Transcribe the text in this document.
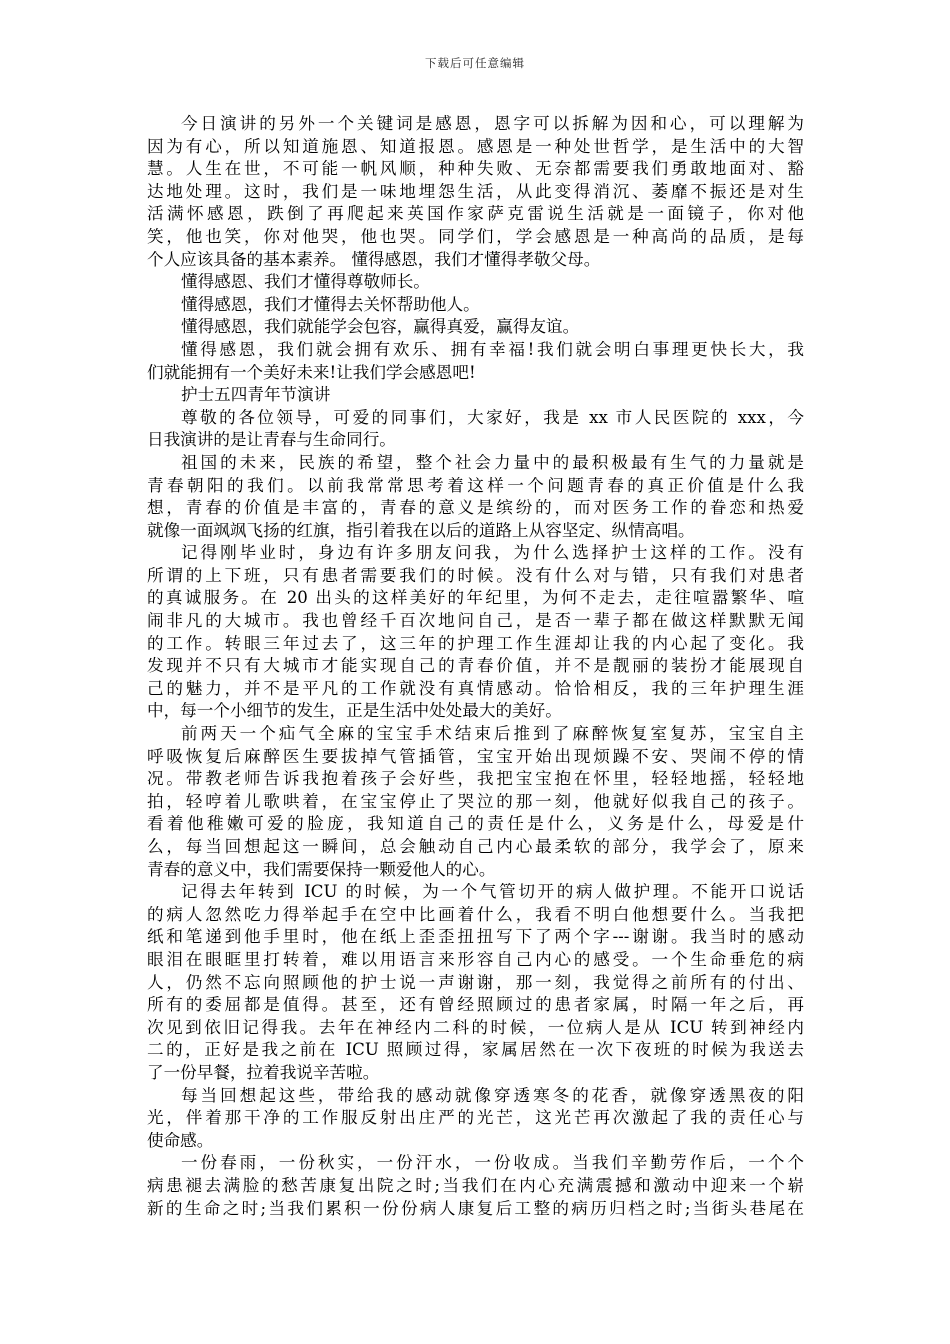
下载后可任意编辑
今日演讲的另外一个关键词是感恩，恩字可以拆解为因和心，可以理解为
因为有心，所以知道施恩、知道报恩。感恩是一种处世哲学，是生活中的大智
慧。人生在世，不可能一帆风顺，种种失败、无奈都需要我们勇敢地面对、豁
达地处理。这时，我们是一味地埋怨生活，从此变得消沉、萎靡不振还是对生
活满怀感恩，跌倒了再爬起来英国作家萨克雷说生活就是一面镜子，你对他
笑，他也笑，你对他哭，他也哭。同学们，学会感恩是一种高尚的品质，是每
个人应该具备的基本素养。 懂得感恩，我们才懂得孝敬父母。
懂得感恩、我们才懂得尊敬师长。
懂得感恩，我们才懂得去关怀帮助他人。
懂得感恩，我们就能学会包容，赢得真爱，赢得友谊。
懂得感恩，我们就会拥有欢乐、拥有幸福!我们就会明白事理更快长大，我
们就能拥有一个美好未来!让我们学会感恩吧!
护士五四青年节演讲
尊敬的各位领导，可爱的同事们，大家好，我是 xx 市人民医院的 xxx，今
日我演讲的是让青春与生命同行。
祖国的未来，民族的希望，整个社会力量中的最积极最有生气的力量就是
青春朝阳的我们。以前我常常思考着这样一个问题青春的真正价值是什么我
想，青春的价值是丰富的，青春的意义是缤纷的，而对医务工作的眷恋和热爱
就像一面飒飒飞扬的红旗，指引着我在以后的道路上从容坚定、纵情高唱。
记得刚毕业时，身边有许多朋友问我，为什么选择护士这样的工作。没有
所谓的上下班，只有患者需要我们的时候。没有什么对与错，只有我们对患者
的真诚服务。在 20 出头的这样美好的年纪里，为何不走去，走往喧嚣繁华、喧
闹非凡的大城市。我也曾经千百次地问自己，是否一辈子都在做这样默默无闻
的工作。转眼三年过去了，这三年的护理工作生涯却让我的内心起了变化。我
发现并不只有大城市才能实现自己的青春价值，并不是靓丽的装扮才能展现自
己的魅力，并不是平凡的工作就没有真情感动。恰恰相反，我的三年护理生涯
中，每一个小细节的发生，正是生活中处处最大的美好。
前两天一个疝气全麻的宝宝手术结束后推到了麻醉恢复室复苏，宝宝自主
呼吸恢复后麻醉医生要拔掉气管插管，宝宝开始出现烦躁不安、哭闹不停的情
况。带教老师告诉我抱着孩子会好些，我把宝宝抱在怀里，轻轻地摇，轻轻地
拍，轻哼着儿歌哄着，在宝宝停止了哭泣的那一刻，他就好似我自己的孩子。
看着他稚嫩可爱的脸庞，我知道自己的责任是什么，义务是什么，母爱是什
么，每当回想起这一瞬间，总会触动自己内心最柔软的部分，我学会了，原来
青春的意义中，我们需要保持一颗爱他人的心。
记得去年转到 ICU 的时候，为一个气管切开的病人做护理。不能开口说话
的病人忽然吃力得举起手在空中比画着什么，我看不明白他想要什么。当我把
纸和笔递到他手里时，他在纸上歪歪扭扭写下了两个字---谢谢。我当时的感动
眼泪在眼眶里打转着，难以用语言来形容自己内心的感受。一个生命垂危的病
人，仍然不忘向照顾他的护士说一声谢谢，那一刻，我觉得之前所有的付出、
所有的委屈都是值得。甚至，还有曾经照顾过的患者家属，时隔一年之后，再
次见到依旧记得我。去年在神经内二科的时候，一位病人是从 ICU 转到神经内
二的，正好是我之前在 ICU 照顾过得，家属居然在一次下夜班的时候为我送去
了一份早餐，拉着我说辛苦啦。
每当回想起这些，带给我的感动就像穿透寒冬的花香，就像穿透黑夜的阳
光，伴着那干净的工作服反射出庄严的光芒，这光芒再次激起了我的责任心与
使命感。
一份春雨，一份秋实，一份汗水，一份收成。当我们辛勤劳作后，一个个
病患褪去满脸的愁苦康复出院之时;当我们在内心充满震撼和激动中迎来一个崭
新的生命之时;当我们累积一份份病人康复后工整的病历归档之时;当街头巷尾在
